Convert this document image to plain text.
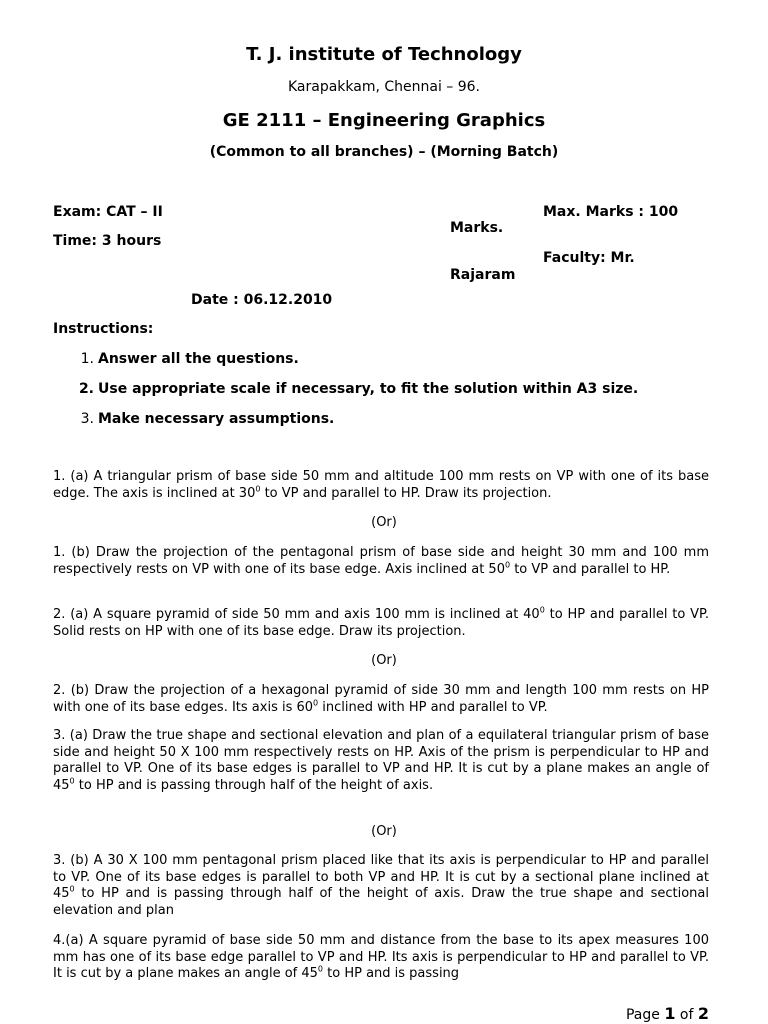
T. J. institute of Technology
Karapakkam, Chennai – 96.
GE 2111 – Engineering Graphics
(Common to all branches) – (Morning Batch)
Exam: CAT – II
Time: 3 hours
Max. Marks : 100
Marks.
Faculty: Mr.
Rajaram
Date : 06.12.2010
Instructions:
1. Answer all the questions.
2. Use appropriate scale if necessary, to fit the solution within A3 size.
3. Make necessary assumptions.
1. (a) A triangular prism of base side 50 mm and altitude 100 mm rests on VP with one of its base edge. The axis is inclined at $30^0$ to VP and parallel to HP. Draw its projection.
(Or)
1. (b) Draw the projection of the pentagonal prism of base side and height 30 mm and 100 mm respectively rests on VP with one of its base edge. Axis inclined at $50^0$ to VP and parallel to HP.
2. (a) A square pyramid of side 50 mm and axis 100 mm is inclined at $40^0$ to HP and parallel to VP. Solid rests on HP with one of its base edge. Draw its projection.
(Or)
2. (b) Draw the projection of a hexagonal pyramid of side 30 mm and length 100 mm rests on HP with one of its base edges. Its axis is $60^0$ inclined with HP and parallel to VP.
3. (a) Draw the true shape and sectional elevation and plan of a equilateral triangular prism of base side and height 50 X 100 mm respectively rests on HP. Axis of the prism is perpendicular to HP and parallel to VP. One of its base edges is parallel to VP and HP. It is cut by a plane makes an angle of $45^0$ to HP and is passing through half of the height of axis.
(Or)
3. (b) A 30 X 100 mm pentagonal prism placed like that its axis is perpendicular to HP and parallel to VP. One of its base edges is parallel to both VP and HP. It is cut by a sectional plane inclined at $45^0$ to HP and is passing through half of the height of axis. Draw the true shape and sectional elevation and plan
4.(a) A square pyramid of base side 50 mm and distance from the base to its apex measures 100 mm has one of its base edge parallel to VP and HP. Its axis is perpendicular to HP and parallel to VP. It is cut by a plane makes an angle of $45^0$ to HP and is passing
Page 1 of 2
